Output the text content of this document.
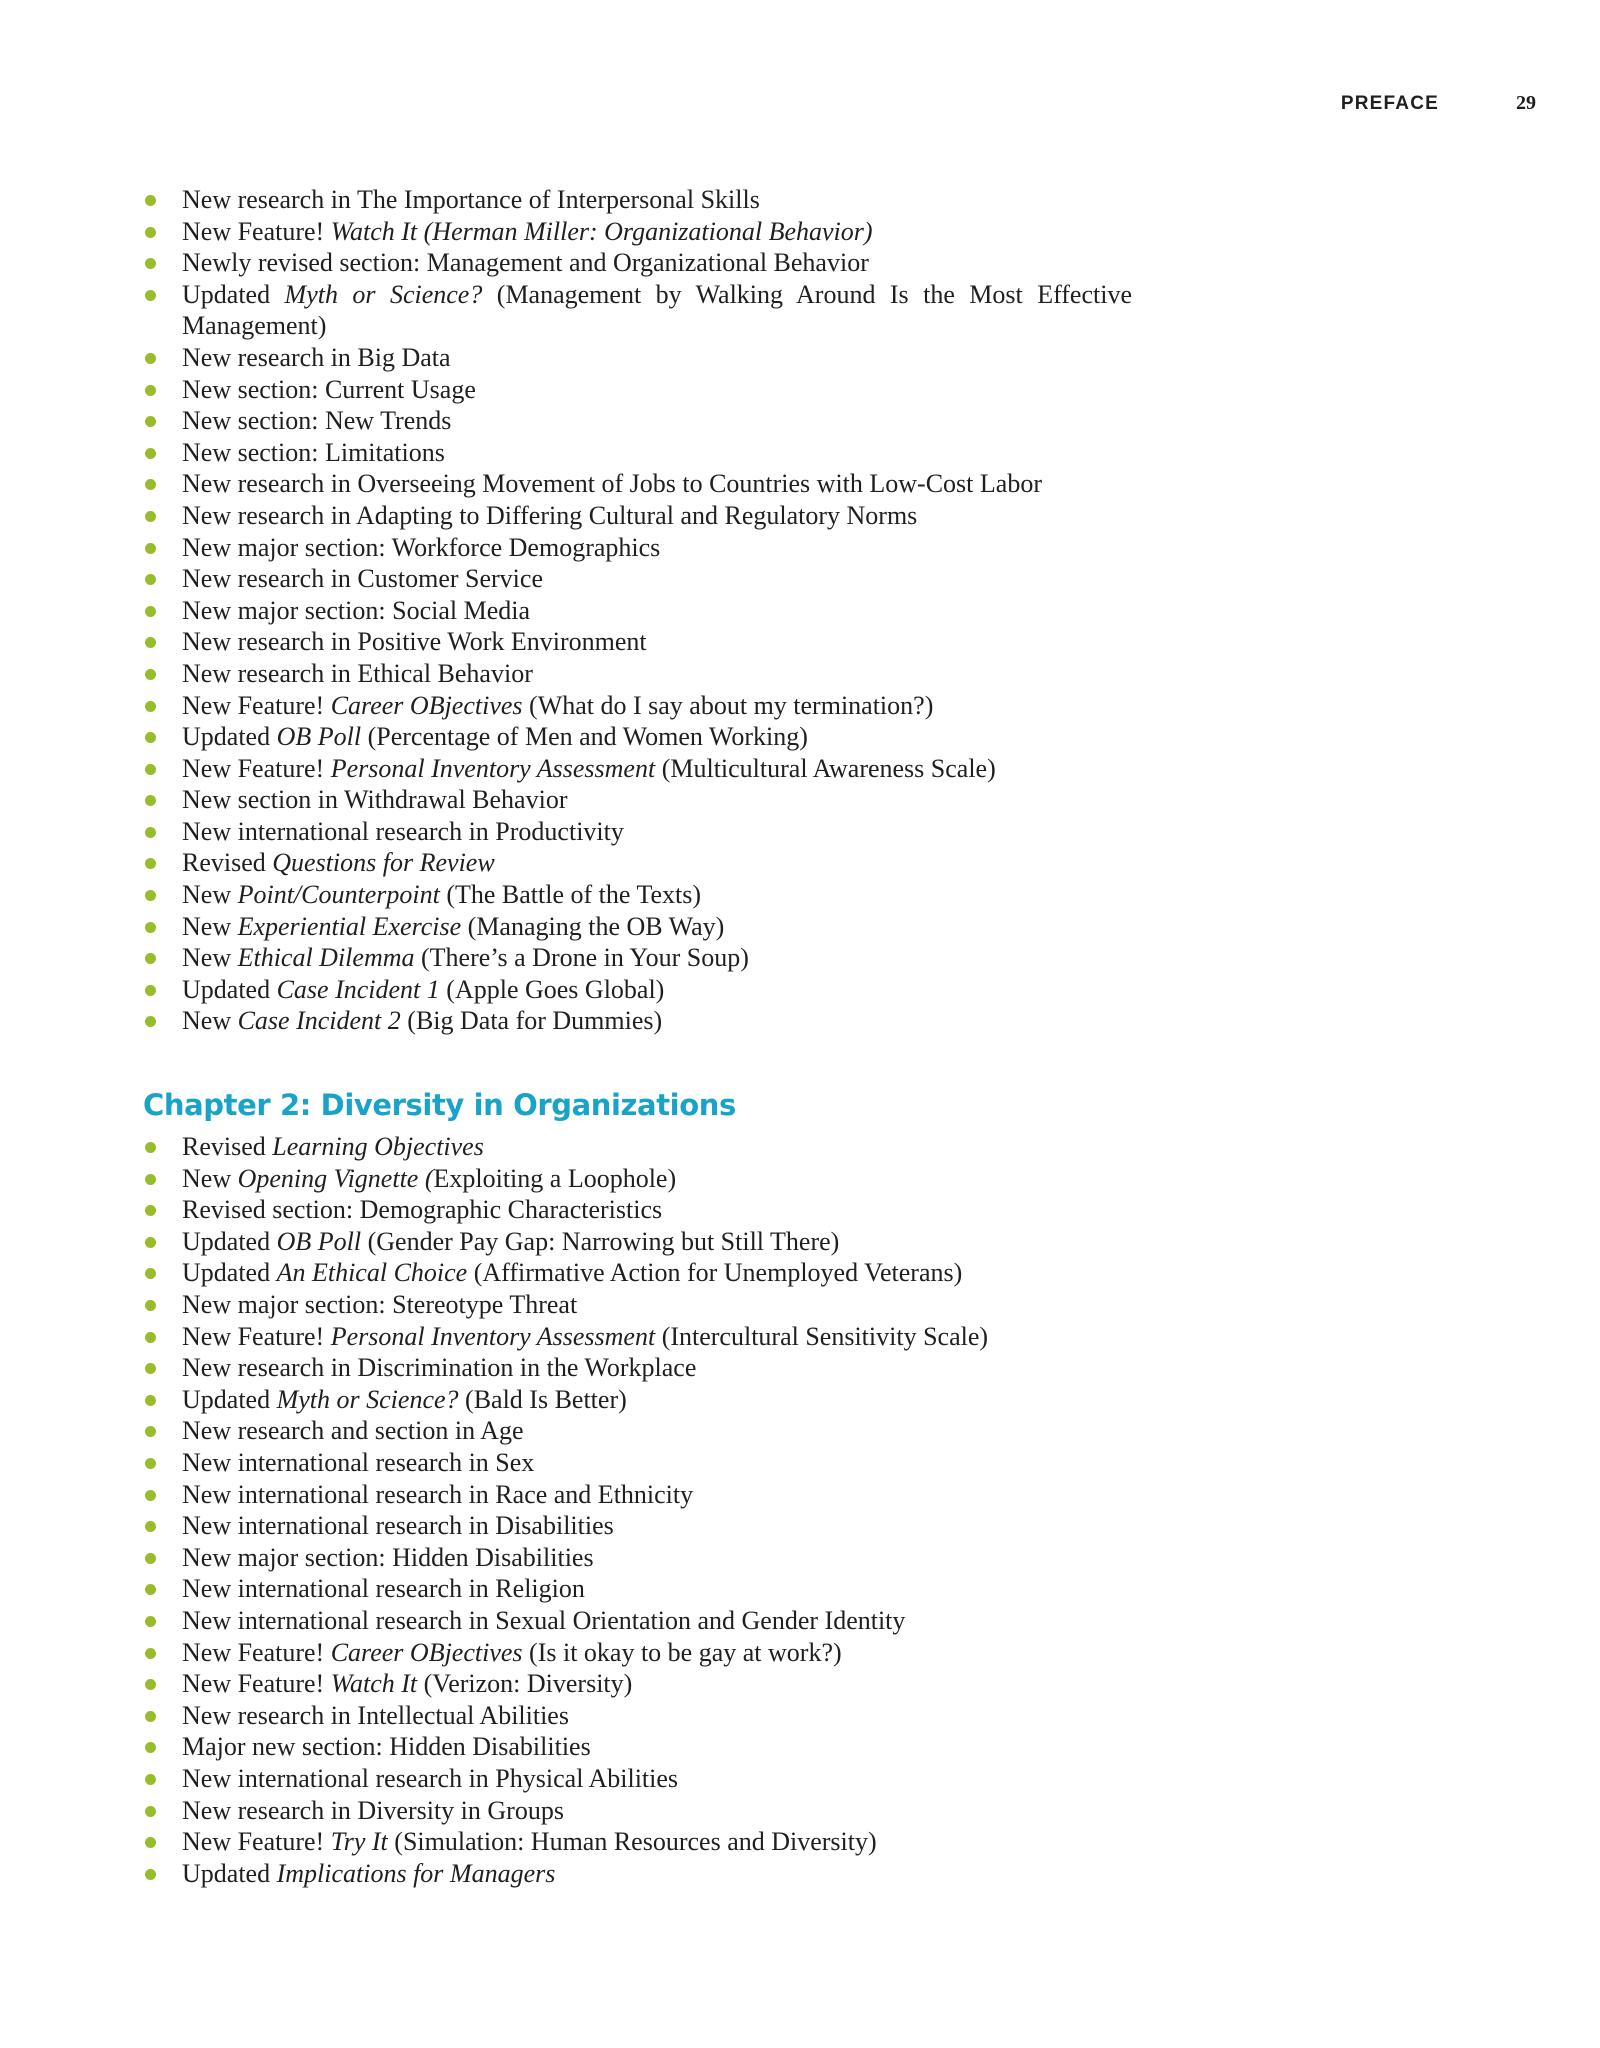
PREFACE	29
New research in The Importance of Interpersonal Skills
New Feature! Watch It (Herman Miller: Organizational Behavior)
Newly revised section: Management and Organizational Behavior
Updated Myth or Science? (Management by Walking Around Is the Most Effective Management)
New research in Big Data
New section: Current Usage
New section: New Trends
New section: Limitations
New research in Overseeing Movement of Jobs to Countries with Low-Cost Labor
New research in Adapting to Differing Cultural and Regulatory Norms
New major section: Workforce Demographics
New research in Customer Service
New major section: Social Media
New research in Positive Work Environment
New research in Ethical Behavior
New Feature! Career OBjectives (What do I say about my termination?)
Updated OB Poll (Percentage of Men and Women Working)
New Feature! Personal Inventory Assessment (Multicultural Awareness Scale)
New section in Withdrawal Behavior
New international research in Productivity
Revised Questions for Review
New Point/Counterpoint (The Battle of the Texts)
New Experiential Exercise (Managing the OB Way)
New Ethical Dilemma (There’s a Drone in Your Soup)
Updated Case Incident 1 (Apple Goes Global)
New Case Incident 2 (Big Data for Dummies)
Chapter 2: Diversity in Organizations
Revised Learning Objectives
New Opening Vignette (Exploiting a Loophole)
Revised section: Demographic Characteristics
Updated OB Poll (Gender Pay Gap: Narrowing but Still There)
Updated An Ethical Choice (Affirmative Action for Unemployed Veterans)
New major section: Stereotype Threat
New Feature! Personal Inventory Assessment (Intercultural Sensitivity Scale)
New research in Discrimination in the Workplace
Updated Myth or Science? (Bald Is Better)
New research and section in Age
New international research in Sex
New international research in Race and Ethnicity
New international research in Disabilities
New major section: Hidden Disabilities
New international research in Religion
New international research in Sexual Orientation and Gender Identity
New Feature! Career OBjectives (Is it okay to be gay at work?)
New Feature! Watch It (Verizon: Diversity)
New research in Intellectual Abilities
Major new section: Hidden Disabilities
New international research in Physical Abilities
New research in Diversity in Groups
New Feature! Try It (Simulation: Human Resources and Diversity)
Updated Implications for Managers
